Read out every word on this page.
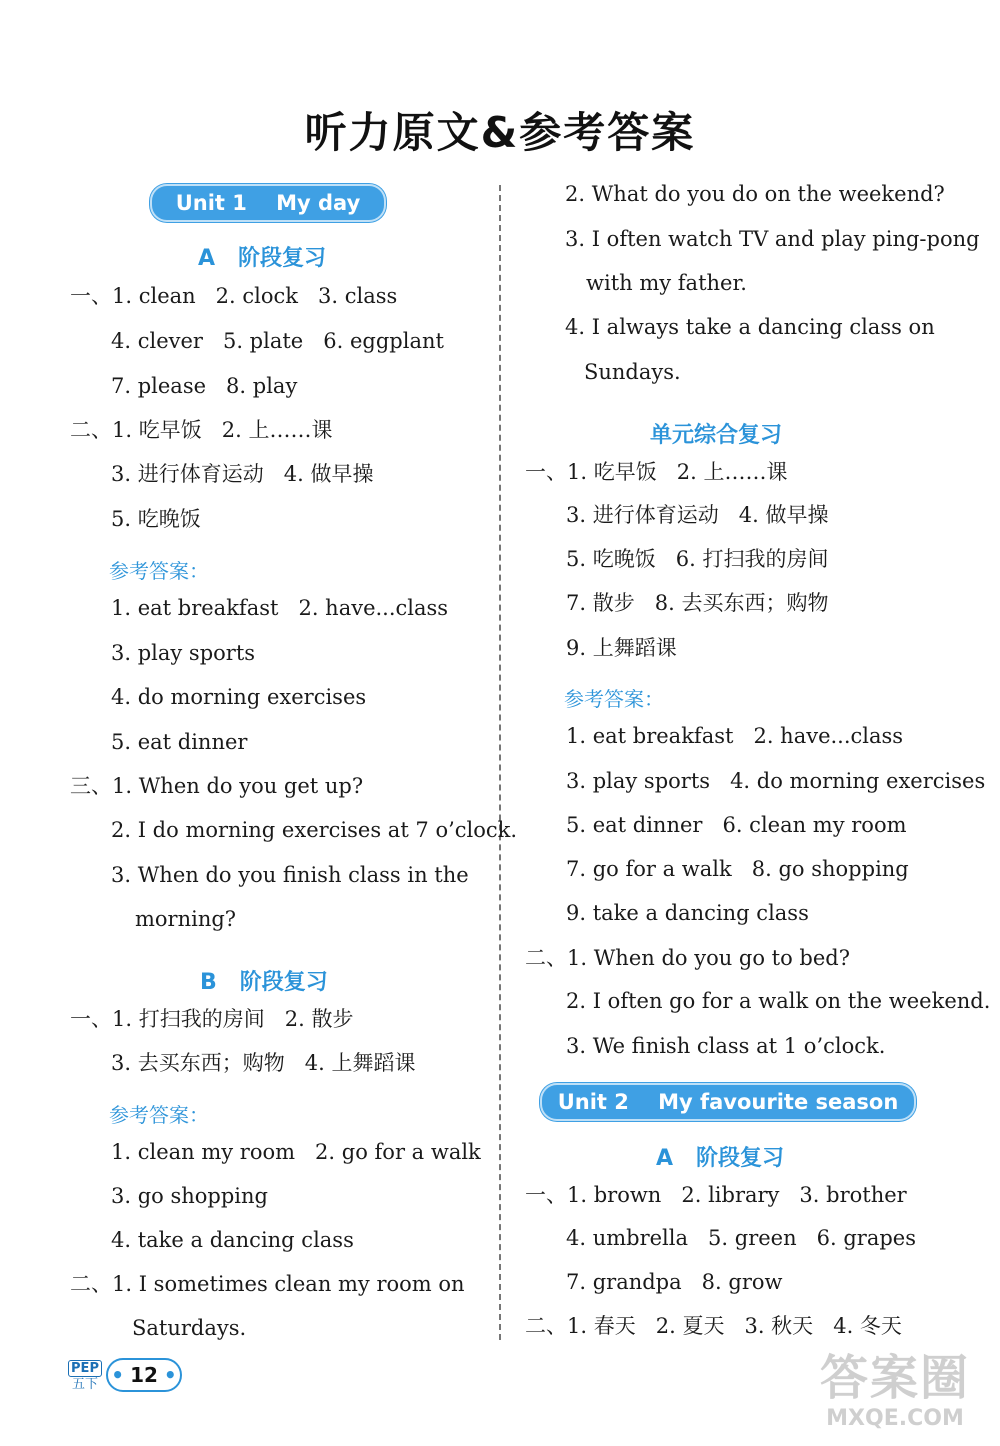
听力原文&参考答案
Unit 1    My day
A   阶段复习
一、1. clean   2. clock   3. class
4. clever   5. plate   6. eggplant
7. please   8. play
二、1. 吃早饭   2. 上……课
3. 进行体育运动   4. 做早操
5. 吃晚饭
参考答案：
1. eat breakfast   2. have...class
3. play sports
4. do morning exercises
5. eat dinner
三、1. When do you get up?
2. I do morning exercises at 7 o’clock.
3. When do you finish class in the
morning?
B   阶段复习
一、1. 打扫我的房间   2. 散步
3. 去买东西；购物   4. 上舞蹈课
参考答案：
1. clean my room   2. go for a walk
3. go shopping
4. take a dancing class
二、1. I sometimes clean my room on
Saturdays.
2. What do you do on the weekend?
3. I often watch TV and play ping-pong
with my father.
4. I always take a dancing class on
Sundays.
单元综合复习
一、1. 吃早饭   2. 上……课
3. 进行体育运动   4. 做早操
5. 吃晚饭   6. 打扫我的房间
7. 散步   8. 去买东西；购物
9. 上舞蹈课
参考答案：
1. eat breakfast   2. have...class
3. play sports   4. do morning exercises
5. eat dinner   6. clean my room
7. go for a walk   8. go shopping
9. take a dancing class
二、1. When do you go to bed?
2. I often go for a walk on the weekend.
3. We finish class at 1 o’clock.
Unit 2    My favourite season
A   阶段复习
一、1. brown   2. library   3. brother
4. umbrella   5. green   6. grapes
7. grandpa   8. grow
二、1. 春天   2. 夏天   3. 秋天   4. 冬天
PEP
五下 • 12 •	答案圈
MXQE.COM
